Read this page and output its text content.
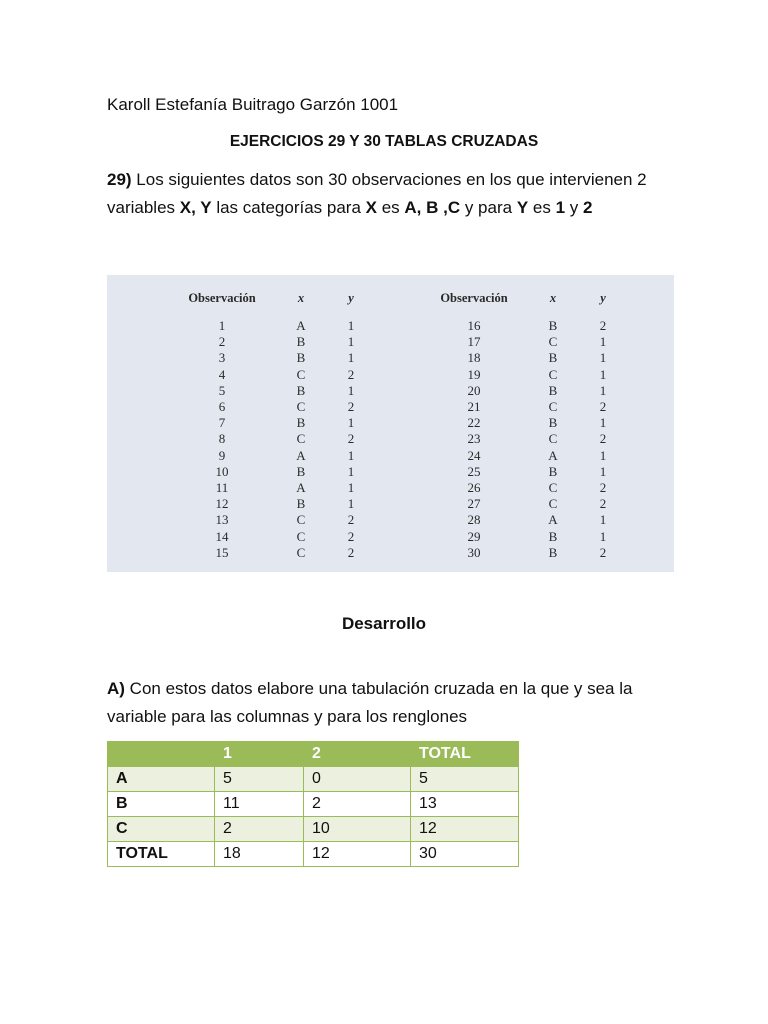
Karoll Estefanía Buitrago Garzón 1001
EJERCICIOS 29 Y 30 TABLAS CRUZADAS
29) Los siguientes datos son 30 observaciones en los que intervienen 2 variables X, Y las categorías para X es A, B ,C y para Y es 1 y 2
Observación	x	y
1	A	1
2	B	1
3	B	1
4	C	2
5	B	1
6	C	2
7	B	1
8	C	2
9	A	1
10	B	1
11	A	1
12	B	1
13	C	2
14	C	2
15	C	2
Observación	x	y
16	B	2
17	C	1
18	B	1
19	C	1
20	B	1
21	C	2
22	B	1
23	C	2
24	A	1
25	B	1
26	C	2
27	C	2
28	A	1
29	B	1
30	B	2
Desarrollo
A) Con estos datos elabore una tabulación cruzada en la que y sea la variable para las columnas y para los renglones
	1	2	TOTAL
A	5	0	5
B	11	2	13
C	2	10	12
TOTAL	18	12	30
